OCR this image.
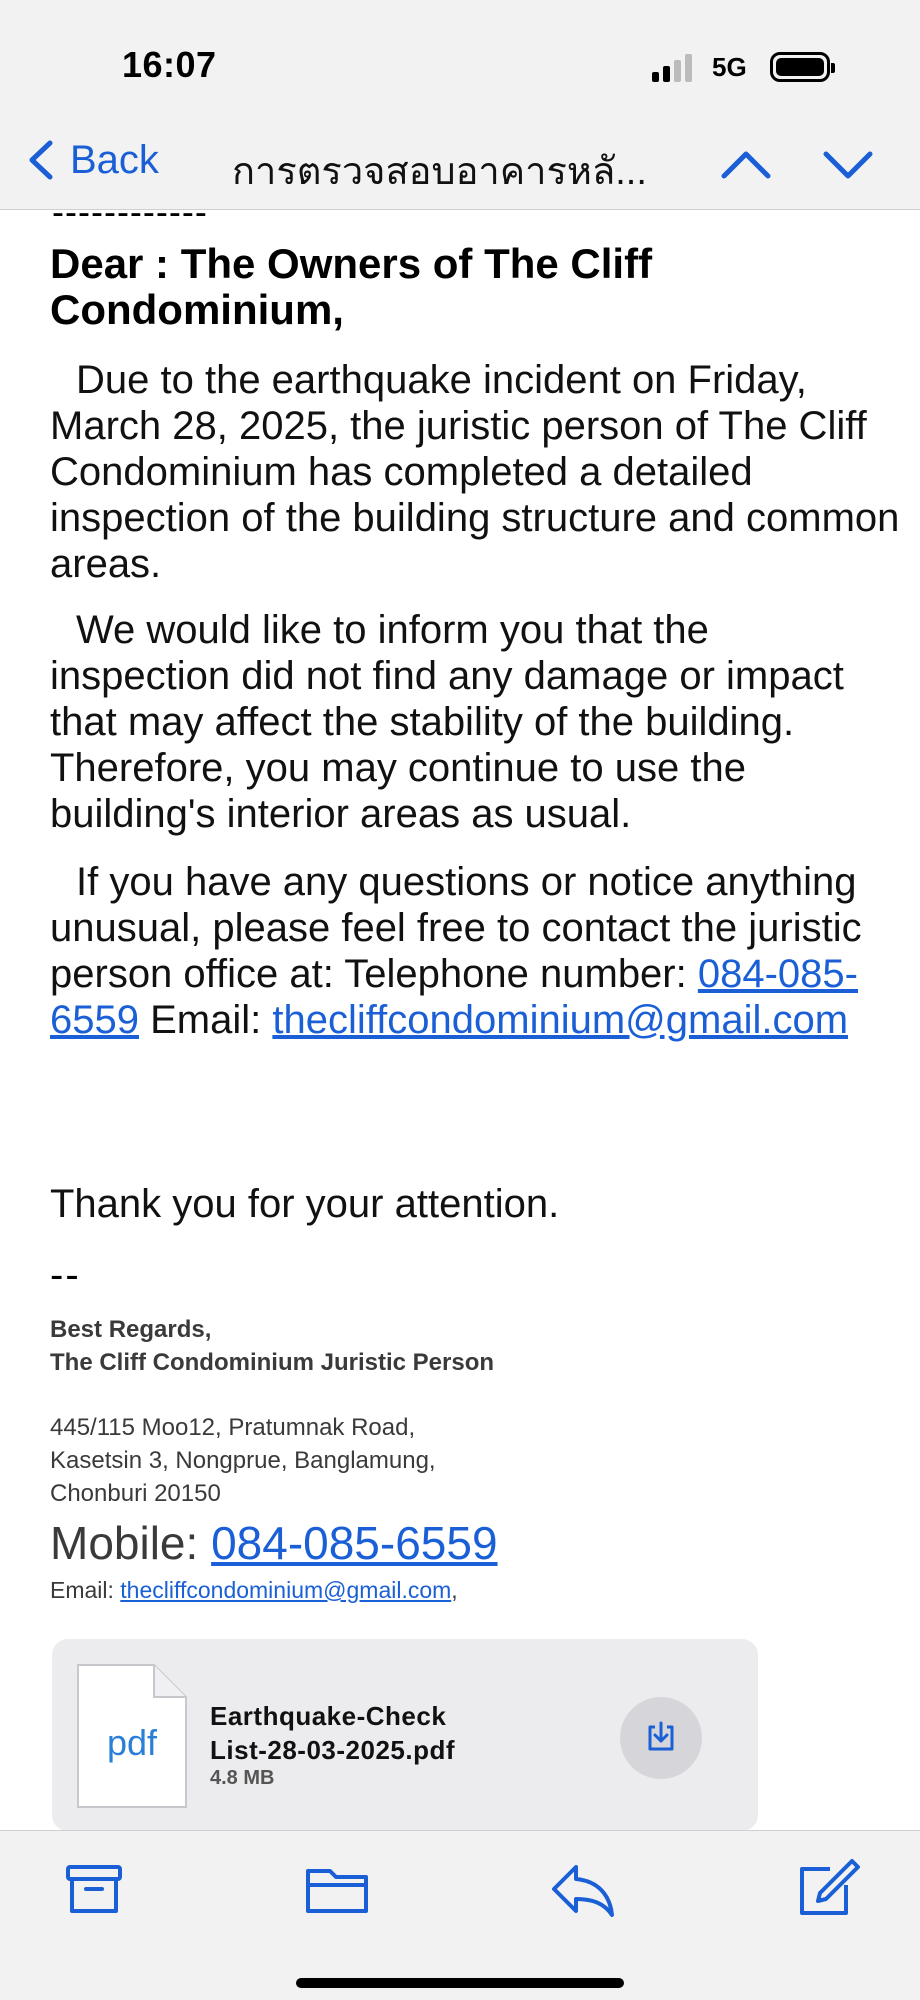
16:07	5G
Back การตรวจสอบอาคารหลั...
------------
Dear : The Owners of The Cliff Condominium,
Due to the earthquake incident on Friday, March 28, 2025, the juristic person of The Cliff Condominium has completed a detailed inspection of the building structure and common areas.
We would like to inform you that the inspection did not find any damage or impact that may affect the stability of the building. Therefore, you may continue to use the building's interior areas as usual.
If you have any questions or notice anything unusual, please feel free to contact the juristic person office at: Telephone number: 084-085-6559 Email: thecliffcondominium@gmail.com
Thank you for your attention.
--
Best Regards,
The Cliff Condominium Juristic Person
445/115 Moo12, Pratumnak Road,
Kasetsin 3, Nongprue, Banglamung,
Chonburi 20150
Mobile: 084-085-6559
Email: thecliffcondominium@gmail.com,
pdf
Earthquake-Check
List-28-03-2025.pdf
4.8 MB
